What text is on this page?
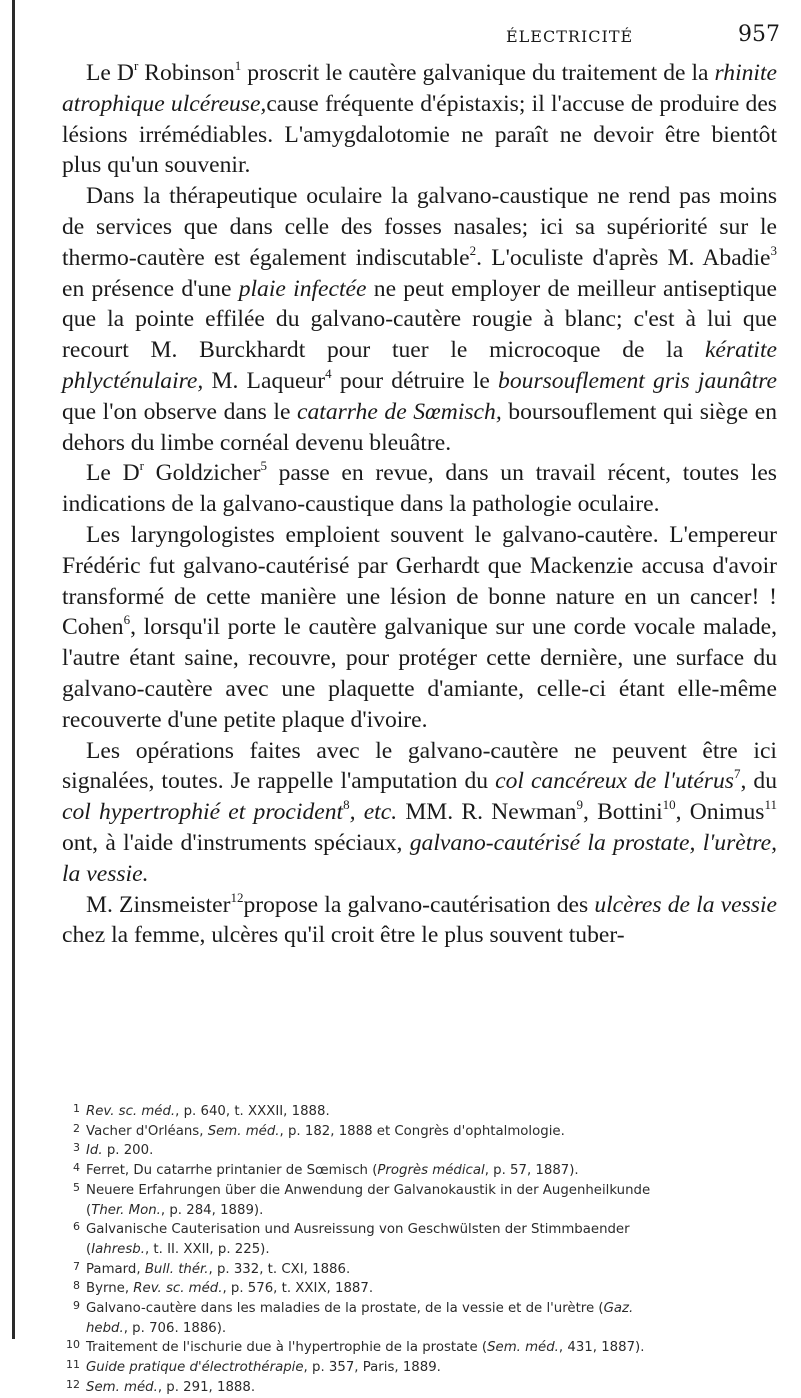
ÉLECTRICITÉ	957

Le $D^r$ Robinson$^1$ proscrit le cautère galvanique du traitement de la rhinite atrophique ulcéreuse,cause fréquente d'épistaxis; il l'accuse de produire des lésions irrémédiables. L'amygdalotomie ne paraît ne devoir être bientôt plus qu'un souvenir.

Dans la thérapeutique oculaire la galvano-caustique ne rend pas moins de services que dans celle des fosses nasales; ici sa supériorité sur le thermo-cautère est également indiscutable$^2$. L'oculiste d'après M. Abadie$^3$ en présence d'une plaie infectée ne peut employer de meilleur antiseptique que la pointe effilée du galvano-cautère rougie à blanc; c'est à lui que recourt M. Burckhardt pour tuer le microcoque de la kératite phlycténulaire, M. Laqueur$^4$ pour détruire le boursouflement gris jaunâtre que l'on observe dans le catarrhe de Sœmisch, boursouflement qui siège en dehors du limbe cornéal devenu bleuâtre.

Le $D^r$ Goldzicher$^5$ passe en revue, dans un travail récent, toutes les indications de la galvano-caustique dans la pathologie oculaire.

Les laryngologistes emploient souvent le galvano-cautère. L'empereur Frédéric fut galvano-cautérisé par Gerhardt que Mackenzie accusa d'avoir transformé de cette manière une lésion de bonne nature en un cancer! ! Cohen$^6$, lorsqu'il porte le cautère galvanique sur une corde vocale malade, l'autre étant saine, recouvre, pour protéger cette dernière, une surface du galvano-cautère avec une plaquette d'amiante, celle-ci étant elle-même recouverte d'une petite plaque d'ivoire.

Les opérations faites avec le galvano-cautère ne peuvent être ici signalées, toutes. Je rappelle l'amputation du col cancéreux de l'utérus$^7$, du col hypertrophié et procident$^8$, etc. MM. R. Newman$^9$, Bottini$^{10}$, Onimus$^{11}$ ont, à l'aide d'instruments spéciaux, galvano-cautérisé la prostate, l'urètre, la vessie.

M. Zinsmeister$^{12}$propose la galvano-cautérisation des ulcères de la vessie chez la femme, ulcères qu'il croit être le plus souvent tuber-

1 Rev. sc. méd., p. 640, t. XXXII, 1888.
2 Vacher d'Orléans, Sem. méd., p. 182, 1888 et Congrès d'ophtalmologie.
3 Id. p. 200.
4 Ferret, Du catarrhe printanier de Sœmisch (Progrès médical, p. 57, 1887).
5 Neuere Erfahrungen über die Anwendung der Galvanokaustik in der Augenheilkunde
(Ther. Mon., p. 284, 1889).
6 Galvanische Cauterisation und Ausreissung von Geschwülsten der Stimmbaender
(Iahresb., t. II. XXII, p. 225).
7 Pamard, Bull. thér., p. 332, t. CXI, 1886.
8 Byrne, Rev. sc. méd., p. 576, t. XXIX, 1887.
9 Galvano-cautère dans les maladies de la prostate, de la vessie et de l'urètre (Gaz.
hebd., p. 706. 1886).
10 Traitement de l'ischurie due à l'hypertrophie de la prostate (Sem. méd., 431, 1887).
11 Guide pratique d'électrothérapie, p. 357, Paris, 1889.
12 Sem. méd., p. 291, 1888.
